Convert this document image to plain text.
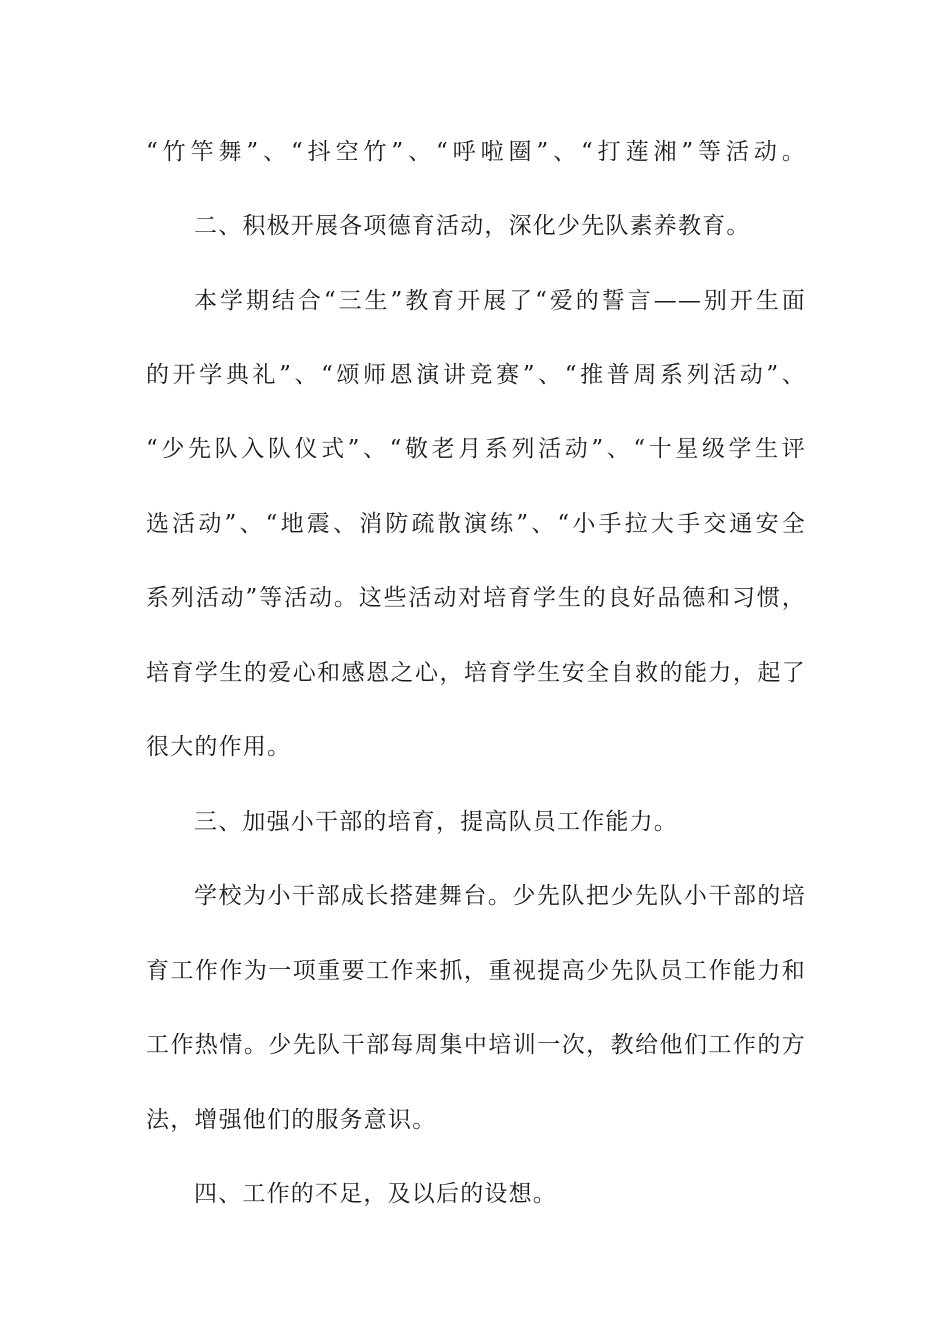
“竹竿舞”、“抖空竹”、“呼啦圈”、“打莲湘”等活动。
二、积极开展各项德育活动，深化少先队素养教育。
本学期结合“三生”教育开展了“爱的誓言——别开生面
的开学典礼”、“颂师恩演讲竞赛”、“推普周系列活动”、
“少先队入队仪式”、“敬老月系列活动”、“十星级学生评
选活动”、“地震、消防疏散演练”、“小手拉大手交通安全
系列活动”等活动。这些活动对培育学生的良好品德和习惯，
培育学生的爱心和感恩之心，培育学生安全自救的能力，起了
很大的作用。
三、加强小干部的培育，提高队员工作能力。
学校为小干部成长搭建舞台。少先队把少先队小干部的培
育工作作为一项重要工作来抓，重视提高少先队员工作能力和
工作热情。少先队干部每周集中培训一次，教给他们工作的方
法，增强他们的服务意识。
四、工作的不足，及以后的设想。
